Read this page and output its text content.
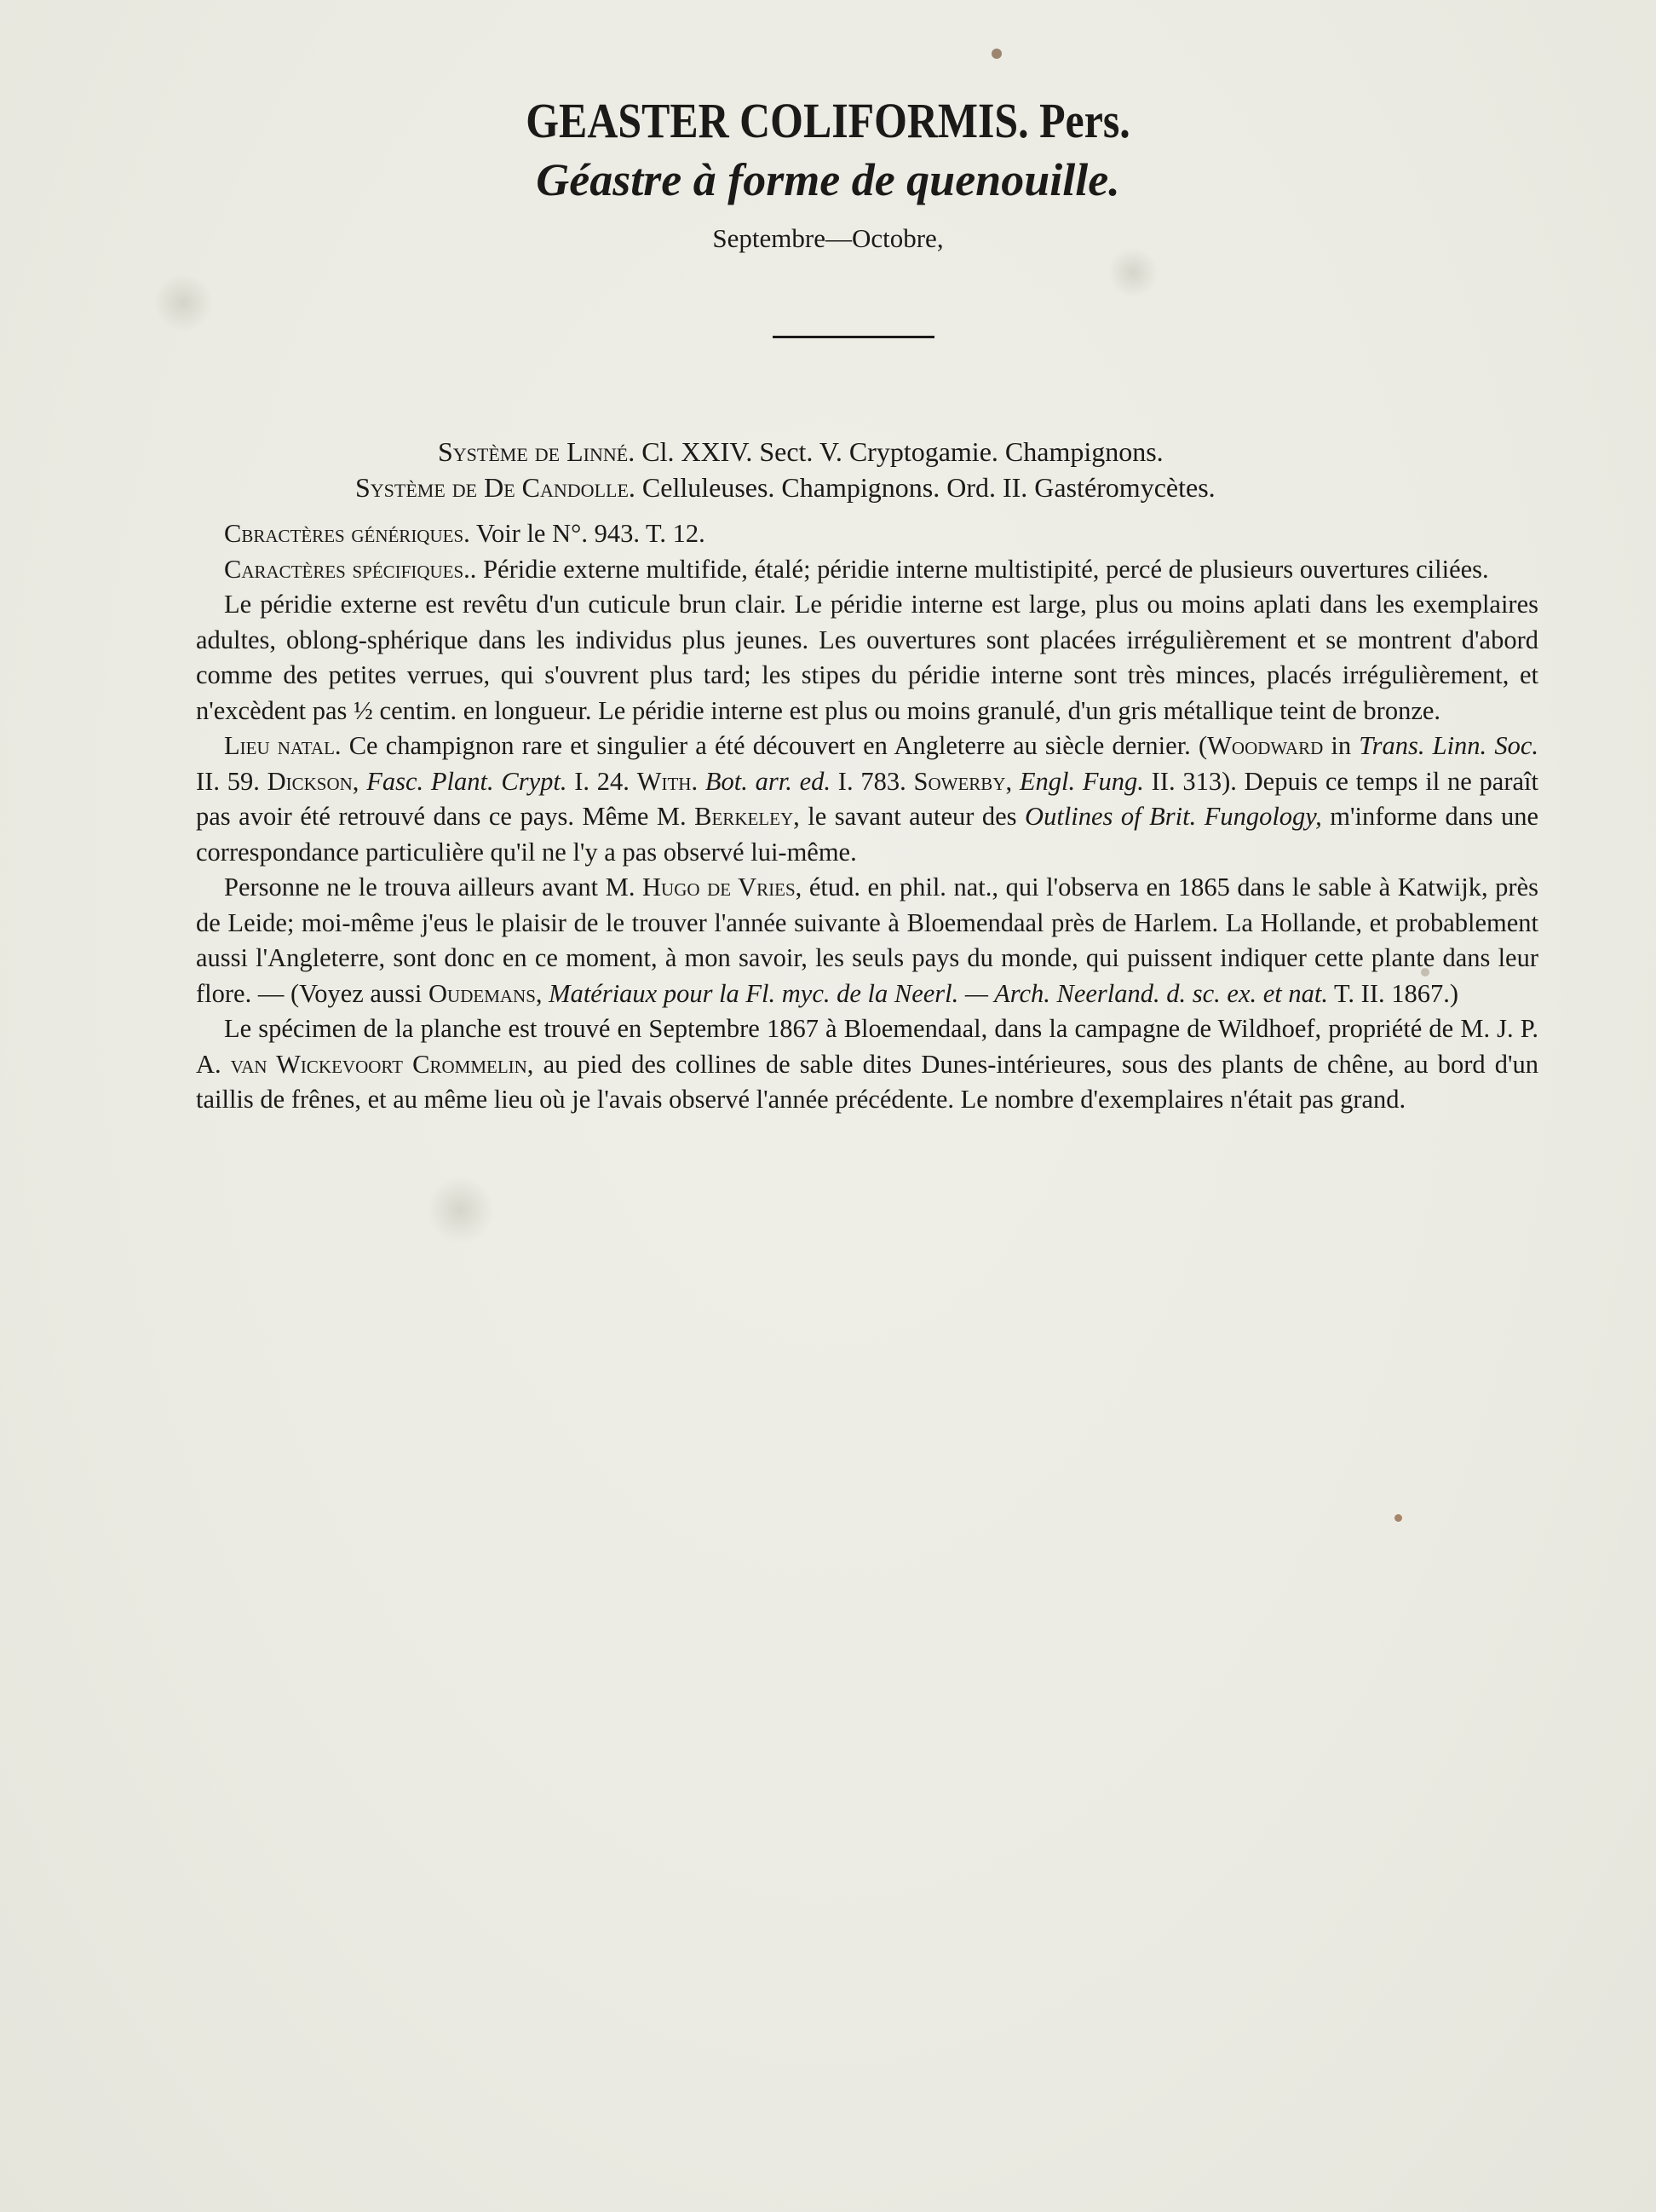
GEASTER COLIFORMIS. Pers.
Géastre à forme de quenouille.
Septembre—Octobre,
Système de Linné. Cl. XXIV. Sect. V. Cryptogamie. Champignons.
Système de De Candolle. Celluleuses. Champignons. Ord. II. Gastéromycètes.

Cbractères génériques. Voir le N°. 943. T. 12.

Caractères spécifiques.. Péridie externe multifide, étalé; péridie interne multistipité, percé de plusieurs ouvertures ciliées.

Le péridie externe est revêtu d'un cuticule brun clair. Le péridie interne est large, plus ou moins aplati dans les exemplaires adultes, oblong-sphérique dans les individus plus jeunes. Les ouvertures sont placées irrégulièrement et se montrent d'abord comme des petites verrues, qui s'ouvrent plus tard; les stipes du péridie interne sont très minces, placés irrégulièrement, et n'excèdent pas ½ centim. en longueur. Le péridie interne est plus ou moins granulé, d'un gris métallique teint de bronze.

Lieu natal. Ce champignon rare et singulier a été découvert en Angleterre au siècle dernier. (Woodward in Trans. Linn. Soc. II. 59. Dickson, Fasc. Plant. Crypt. I. 24. With. Bot. arr. ed. I. 783. Sowerby, Engl. Fung. II. 313). Depuis ce temps il ne paraît pas avoir été retrouvé dans ce pays. Même M. Berkeley, le savant auteur des Outlines of Brit. Fungology, m'informe dans une correspondance particulière qu'il ne l'y a pas observé lui-même.

Personne ne le trouva ailleurs avant M. Hugo de Vries, étud. en phil. nat., qui l'observa en 1865 dans le sable à Katwijk, près de Leide; moi-même j'eus le plaisir de le trouver l'année suivante à Bloemendaal près de Harlem. La Hollande, et probablement aussi l'Angleterre, sont donc en ce moment, à mon savoir, les seuls pays du monde, qui puissent indiquer cette plante dans leur flore. — (Voyez aussi Oudemans, Matériaux pour la Fl. myc. de la Neerl. — Arch. Neerland. d. sc. ex. et nat. T. II. 1867.)

Le spécimen de la planche est trouvé en Septembre 1867 à Bloemendaal, dans la campagne de Wildhoef, propriété de M. J. P. A. van Wickevoort Crommelin, au pied des collines de sable dites Dunes-intérieures, sous des plants de chêne, au bord d'un taillis de frênes, et au même lieu où je l'avais observé l'année précédente. Le nombre d'exemplaires n'était pas grand.
